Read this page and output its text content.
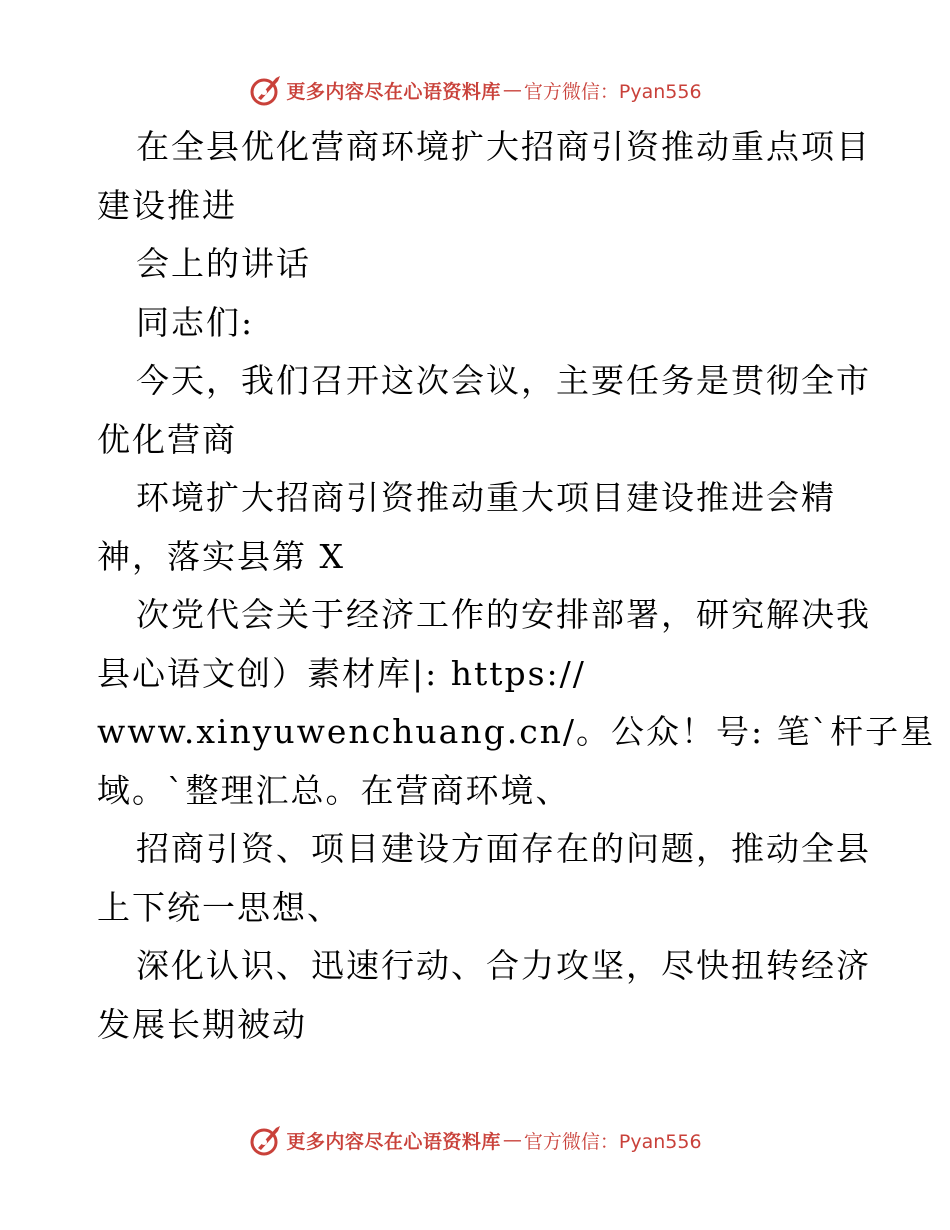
更多内容尽在心语资料库 — 官方微信：Pyan556
在全县优化营商环境扩大招商引资推动重点项目
建设推进
会上的讲话
同志们:
今天，我们召开这次会议，主要任务是贯彻全市
优化营商
环境扩大招商引资推动重大项目建设推进会精
神，落实县第 X
次党代会关于经济工作的安排部署，研究解决我
县心语文创）素材库|: https://
www.xinyuwenchuang.cn/。公众！号: 笔`杆子星
域。`整理汇总。在营商环境、
招商引资、项目建设方面存在的问题，推动全县
上下统一思想、
深化认识、迅速行动、合力攻坚，尽快扭转经济
发展长期被动
更多内容尽在心语资料库 — 官方微信：Pyan556
